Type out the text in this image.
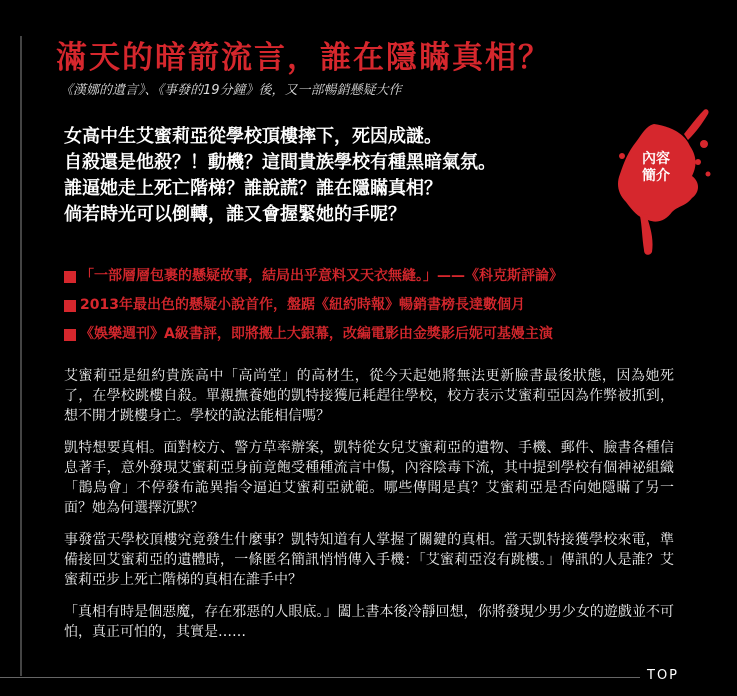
滿天的暗箭流言，誰在隱瞞真相？
《漢娜的遺言》、《事發的19分鐘》後，又一部暢銷懸疑大作
女高中生艾蜜莉亞從學校頂樓摔下，死因成謎。
自殺還是他殺？！動機？這間貴族學校有種黑暗氣氛。
誰逼她走上死亡階梯？誰說謊？誰在隱瞞真相？
倘若時光可以倒轉，誰又會握緊她的手呢？
內容
簡介
「一部層層包裹的懸疑故事，結局出乎意料又天衣無縫。」——《科克斯評論》
2013年最出色的懸疑小說首作，盤踞《紐約時報》暢銷書榜長達數個月
《娛樂週刊》A級書評，即將搬上大銀幕，改編電影由金獎影后妮可基嫚主演

艾蜜莉亞是紐約貴族高中「高尚堂」的高材生，從今天起她將無法更新臉書最後狀態，因為她死了，在學校跳樓自殺。單親撫養她的凱特接獲厄耗趕往學校，校方表示艾蜜莉亞因為作弊被抓到，想不開才跳樓身亡。學校的說法能相信嗎？

凱特想要真相。面對校方、警方草率辦案，凱特從女兒艾蜜莉亞的遺物、手機、郵件、臉書各種信息著手，意外發現艾蜜莉亞身前竟飽受種種流言中傷，內容陰毒下流，其中提到學校有個神祕組織「鵲鳥會」不停發布詭異指令逼迫艾蜜莉亞就範。哪些傳聞是真？艾蜜莉亞是否向她隱瞞了另一面？她為何選擇沉默？

事發當天學校頂樓究竟發生什麼事？凱特知道有人掌握了關鍵的真相。當天凱特接獲學校來電，準備接回艾蜜莉亞的遺體時，一條匿名簡訊悄悄傳入手機：「艾蜜莉亞沒有跳樓。」傳訊的人是誰？艾蜜莉亞步上死亡階梯的真相在誰手中？

「真相有時是個惡魔，存在邪惡的人眼底。」闔上書本後冷靜回想，你將發現少男少女的遊戲並不可怕，真正可怕的，其實是……

TOP
